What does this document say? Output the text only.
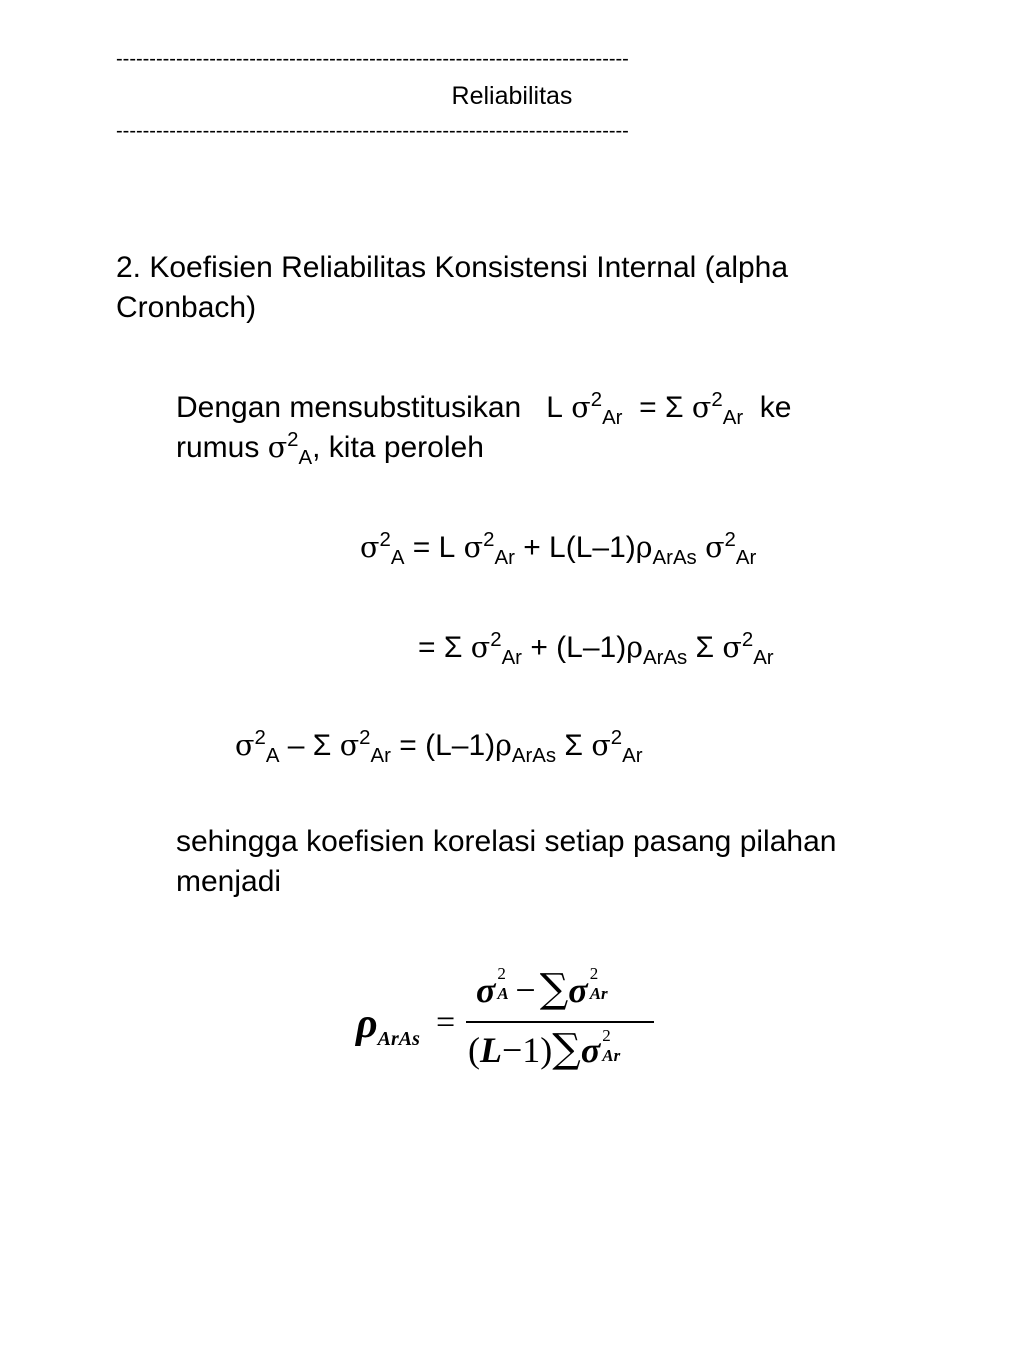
-----------------------------------------------------------------------------
Reliabilitas
-----------------------------------------------------------------------------
2. Koefisien Reliabilitas Konsistensi Internal (alpha
Cronbach)
Dengan mensubstitusikan L $\sigma^2_{Ar} = \Sigma$ $\sigma^2_{Ar}$ ke
rumus $\sigma^2_A$, kita peroleh
$\sigma^2_A = L$ $\sigma^2_{Ar} + L(L-1)\rho_{ArAs}$ $\sigma^2_{Ar}$
= Σ $\sigma^2_{Ar} + (L-1)\rho_{ArAs}$ Σ $\sigma^2_{Ar}$
$\sigma^2_A$ – Σ $\sigma^2_{Ar} = (L-1)\rho_{ArAs}$ Σ $\sigma^2_{Ar}$
sehingga koefisien korelasi setiap pasang pilahan
menjadi
ρArAs =
σ 2
A − ∑σ 2
Ar
(L−1)∑σ 2
Ar
